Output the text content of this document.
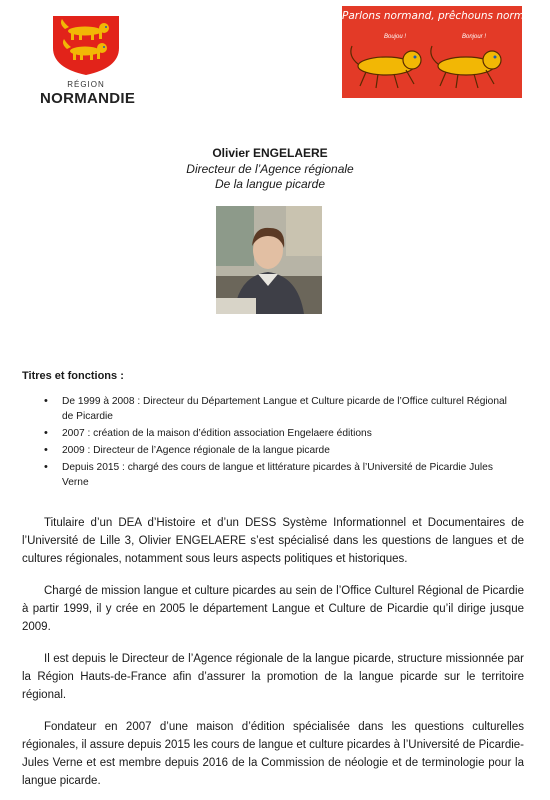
RÉGION
NORMANDIE
Parlons normand, prêchouns normaund
Boujou !	Bonjour !
Olivier ENGELAERE
Directeur de l’Agence régionale
De la langue picarde
Titres et fonctions :
• De 1999 à 2008 : Directeur du Département Langue et Culture picarde de l’Office culturel Régional de Picardie
• 2007 : création de la maison d’édition association Engelaere éditions
• 2009 : Directeur de l’Agence régionale de la langue picarde
• Depuis 2015 : chargé des cours de langue et littérature picardes à l’Université de Picardie Jules Verne

Titulaire d’un DEA d’Histoire et d’un DESS Système Informationnel et Documentaires de l’Université de Lille 3, Olivier ENGELAERE s’est spécialisé dans les questions de langues et de cultures régionales, notamment sous leurs aspects politiques et historiques.

Chargé de mission langue et culture picardes au sein de l’Office Culturel Régional de Picardie à partir 1999, il y crée en 2005 le département Langue et Culture de Picardie qu’il dirige jusque 2009.

Il est depuis le Directeur de l’Agence régionale de la langue picarde, structure missionnée par la Région Hauts-de-France afin d’assurer la promotion de la langue picarde sur le territoire régional.

Fondateur en 2007 d’une maison d’édition spécialisée dans les questions culturelles régionales, il assure depuis 2015 les cours de langue et culture picardes à l’Université de Picardie-Jules Verne et est membre depuis 2016 de la Commission de néologie et de terminologie pour la langue picarde.
